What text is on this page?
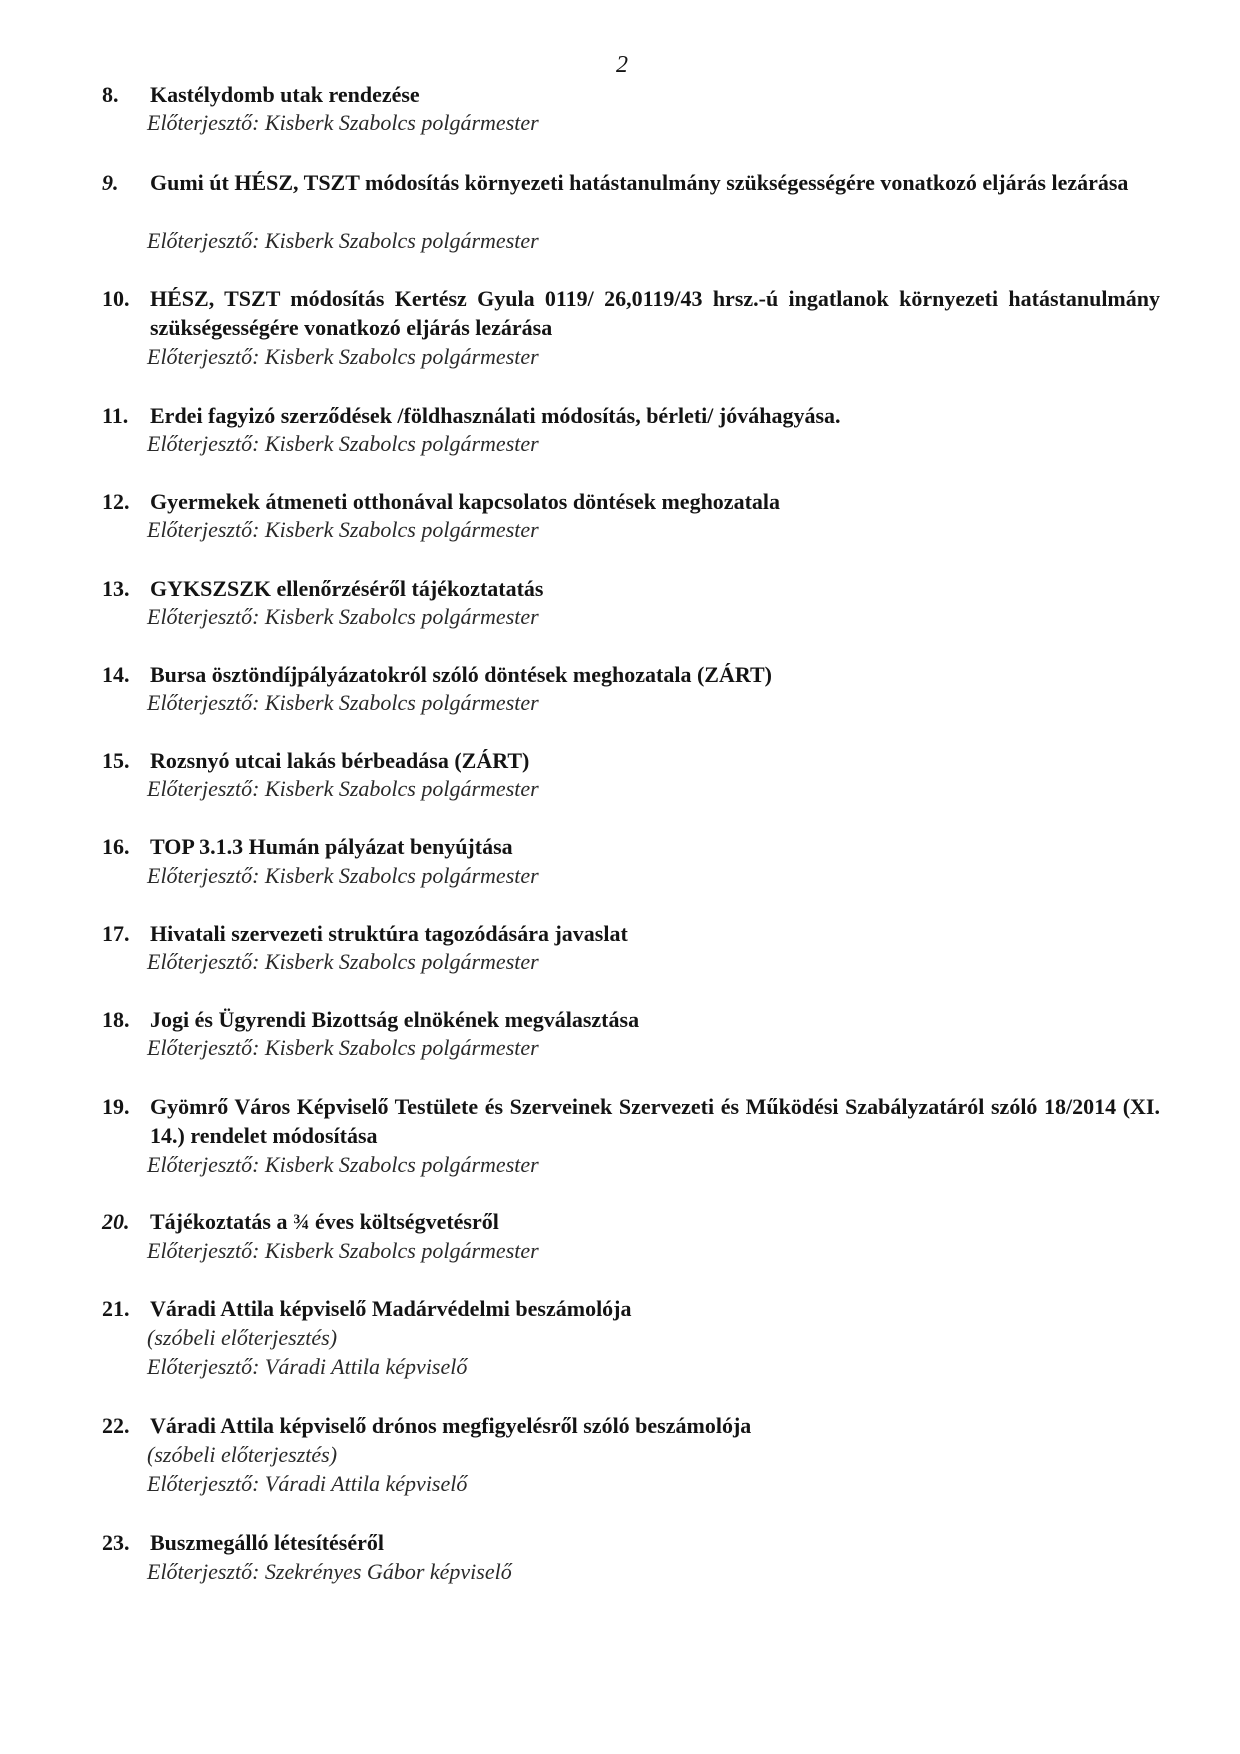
2
8. Kastélydomb utak rendezése
Előterjesztő: Kisberk Szabolcs polgármester
9. Gumi út HÉSZ, TSZT módosítás környezeti hatástanulmány szükségességére vonatkozó eljárás lezárása
Előterjesztő: Kisberk Szabolcs polgármester
10. HÉSZ, TSZT módosítás Kertész Gyula 0119/ 26,0119/43 hrsz.-ú ingatlanok környezeti hatástanulmány szükségességére vonatkozó eljárás lezárása
Előterjesztő: Kisberk Szabolcs polgármester
11. Erdei fagyizó szerződések /földhasználati módosítás, bérleti/ jóváhagyása.
Előterjesztő: Kisberk Szabolcs polgármester
12. Gyermekek átmeneti otthonával kapcsolatos döntések meghozatala
Előterjesztő: Kisberk Szabolcs polgármester
13. GYKSZSZK ellenőrzéséről tájékoztatatás
Előterjesztő: Kisberk Szabolcs polgármester
14. Bursa ösztöndíjpályázatokról szóló döntések meghozatala (ZÁRT)
Előterjesztő: Kisberk Szabolcs polgármester
15. Rozsnyó utcai lakás bérbeadása (ZÁRT)
Előterjesztő: Kisberk Szabolcs polgármester
16. TOP 3.1.3 Humán pályázat benyújtása
Előterjesztő: Kisberk Szabolcs polgármester
17. Hivatali szervezeti struktúra tagozódására javaslat
Előterjesztő: Kisberk Szabolcs polgármester
18. Jogi és Ügyrendi Bizottság elnökének megválasztása
Előterjesztő: Kisberk Szabolcs polgármester
19. Gyömrő Város Képviselő Testülete és Szerveinek Szervezeti és Működési Szabályzatáról szóló 18/2014 (XI. 14.) rendelet módosítása
Előterjesztő: Kisberk Szabolcs polgármester
20. Tájékoztatás a ¾ éves költségvetésről
Előterjesztő: Kisberk Szabolcs polgármester
21. Váradi Attila képviselő Madárvédelmi beszámolója
(szóbeli előterjesztés)
Előterjesztő: Váradi Attila képviselő
22. Váradi Attila képviselő drónos megfigyelésről szóló beszámolója
(szóbeli előterjesztés)
Előterjesztő: Váradi Attila képviselő
23. Buszmegálló létesítéséről
Előterjesztő: Szekrényes Gábor képviselő
